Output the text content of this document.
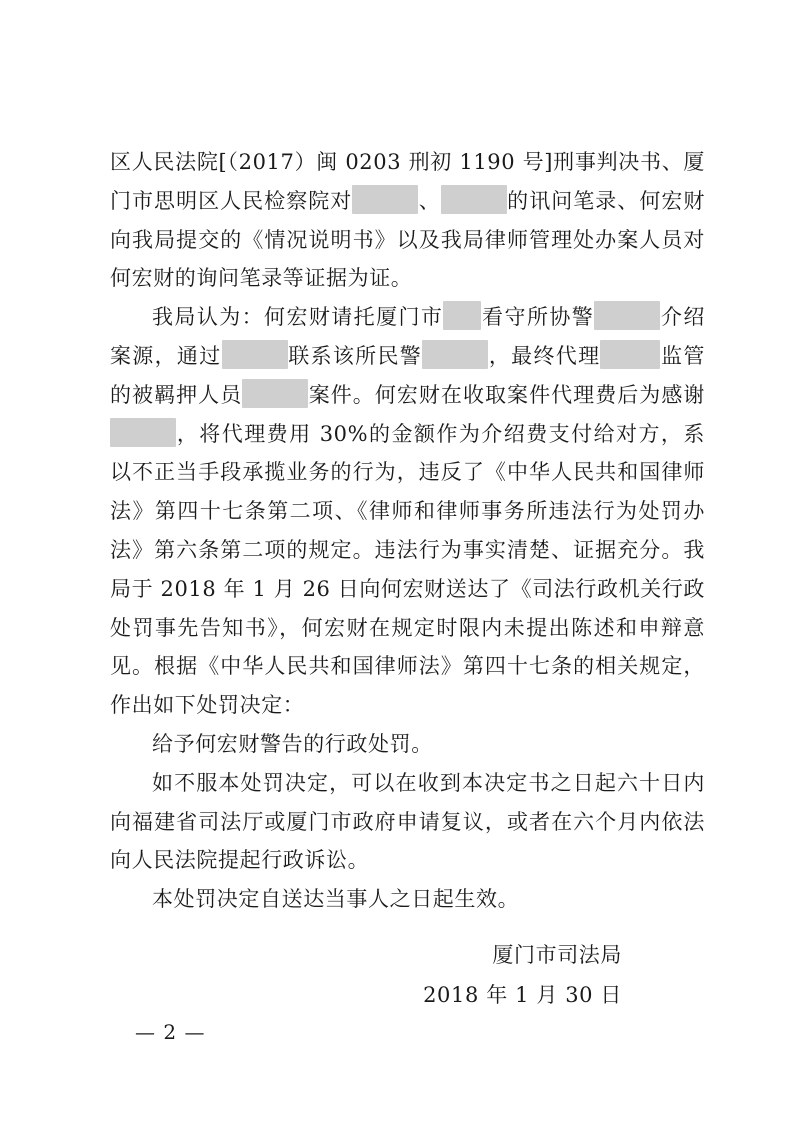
区人民法院[（2017）闽 0203 刑初 1190 号]刑事判决书、厦门市思明区人民检察院对	、	的讯问笔录、何宏财向我局提交的《情况说明书》以及我局律师管理处办案人员对何宏财的询问笔录等证据为证。

我局认为：何宏财请托厦门市 看守所协警	介绍案源，通过	联系该所民警	，最终代理	监管的被羁押人员	案件。何宏财在收取案件代理费后为感谢，将代理费用 30%的金额作为介绍费支付给对方，系以不正当手段承揽业务的行为，违反了《中华人民共和国律师法》第四十七条第二项、《律师和律师事务所违法行为处罚办法》第六条第二项的规定。违法行为事实清楚、证据充分。我局于 2018 年 1 月 26 日向何宏财送达了《司法行政机关行政处罚事先告知书》，何宏财在规定时限内未提出陈述和申辩意见。根据《中华人民共和国律师法》第四十七条的相关规定，作出如下处罚决定：

给予何宏财警告的行政处罚。

如不服本处罚决定，可以在收到本决定书之日起六十日内向福建省司法厅或厦门市政府申请复议，或者在六个月内依法向人民法院提起行政诉讼。

本处罚决定自送达当事人之日起生效。

厦门市司法局
2018 年 1 月 30 日
— 2 —
